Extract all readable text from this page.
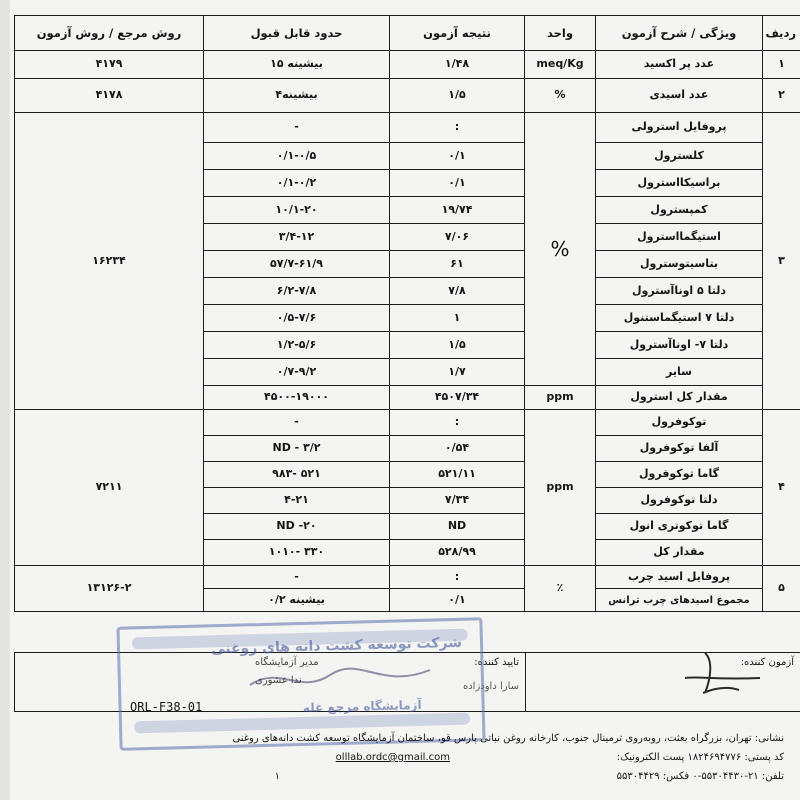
ردیف	ویژگی / شرح آزمون	واحد	نتیجه آزمون	حدود قابل قبول	روش مرجع / روش آزمون
۱	عدد پر اکسید	meq/Kg	۱/۴۸	بیشینه ۱۵	۴۱۷۹
۲	عدد اسیدی	%	۱/۵	بیشینه۴	۴۱۷۸
۳	پروفایل استرولی	%	:	-	۱۶۲۳۴
	کلسترول		۰/۱	۰/۱-۰/۵	
	براسیکااسترول		۰/۱	۰/۱-۰/۲	
	کمپسترول		۱۹/۷۴	۱۰/۱-۲۰	
	استیگمااسترول		۷/۰۶	۳/۴-۱۲	
	بتاسیتوسترول		۶۱	۵۷/۷-۶۱/۹	
	دلتا ۵ اوناآسترول		۷/۸	۶/۲-۷/۸	
	دلتا ۷ استیگماستنول		۱	۰/۵-۷/۶	
	دلتا ۷- اوناآسترول		۱/۵	۱/۲-۵/۶	
	سایر		۱/۷	۰/۷-۹/۲	
	مقدار کل استرول	ppm	۴۵۰۷/۳۴	۴۵۰۰-۱۹۰۰۰	
۴	توکوفرول	ppm	:	-	۷۲۱۱
	آلفا توکوفرول		۰/۵۴	ND - ۳/۲	
	گاما توکوفرول		۵۲۱/۱۱	۵۲۱ -۹۸۳	
	دلتا توکوفرول		۷/۳۴	۴-۲۱	
	گاما توکوتری انول		ND	ND -۲۰	
	مقدار کل		۵۲۸/۹۹	۳۳۰ -۱۰۱۰	
۵	پروفایل اسید چرب	٪	:	-	۱۳۱۲۶-۲
	مجموع اسیدهای چرب ترانس		۰/۱	بیشینه ۰/۲	
آزمون کننده:
تایید کننده:
سارا داودزاده
مدیر آزمایشگاه
ندا عشوری
شرکت توسعه کشت دانه های روغنی
آزمایشگاه مرجع غله
ORL-F38-01
نشانی: تهران، بزرگراه بعثت، روبه‌روی ترمینال جنوب، کارخانه روغن نباتی پارس قو، ساختمان آزمایشگاه توسعه کشت دانه‌های روغنی
کد پستی: ۱۸۲۴۶۹۴۷۷۶ پست الکترونیک:
olllab.ordc@gmail.com
تلفن: ۲۱-۵۵۳۰۴۴۳۰-۰ فکس: ۵۵۳۰۴۴۲۹
۱
